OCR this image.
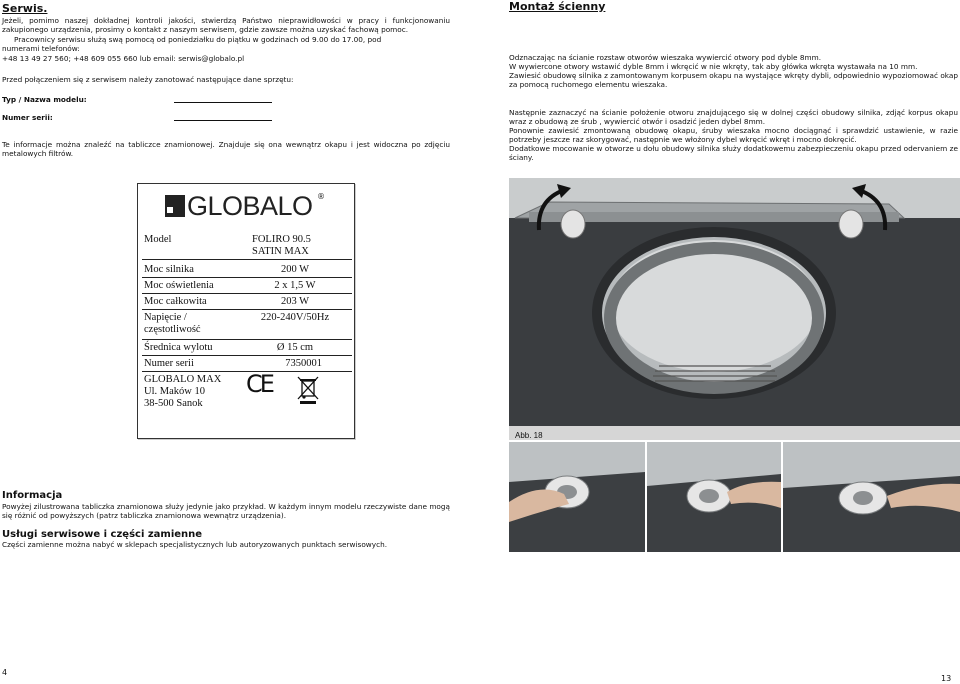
Serwis.
Jeżeli, pomimo naszej dokładnej kontroli jakości, stwierdzą Państwo nieprawidłowości w pracy i funkcjonowaniu zakupionego urządzenia, prosimy o kontakt z naszym serwisem, gdzie zawsze można uzyskać fachową pomoc.
Pracownicy serwisu służą swą pomocą od poniedziałku do piątku w godzinach od 9.00 do 17.00, pod
numerami telefonów:
+48 13 49 27 560; +48 609 055 660 lub email: serwis@globalo.pl
Przed połączeniem się z serwisem należy zanotować następujące dane sprzętu:
Typ / Nazwa modelu:
Numer serii:
Te informacje można znaleźć na tabliczce znamionowej. Znajduje się ona wewnątrz okapu i jest widoczna po zdjęciu metalowych filtrów.
GLOBALO ®
Model	FOLIRO 90.5
SATIN MAX
Moc silnika	200 W
Moc oświetlenia	2 x 1,5 W
Moc całkowita	203 W
Napięcie /
częstotliwość	220-240V/50Hz
Średnica wylotu	Ø 15 cm
Numer serii	7350001
GLOBALO MAX
Ul. Maków 10
38-500 Sanok	CE
Informacja
Powyżej zilustrowana tabliczka znamionowa służy jedynie jako przykład. W każdym innym modelu rzeczywiste dane mogą się różnić od powyższych (patrz tabliczka znamionowa wewnątrz urządzenia).
Usługi serwisowe i części zamienne
Części zamienne można nabyć w sklepach specjalistycznych lub autoryzowanych punktach serwisowych.
4
Montaż ścienny
Odznaczając na ścianie rozstaw otworów wieszaka wywiercić otwory pod dyble 8mm.
W wywiercone otwory wstawić dyble 8mm i wkręcić w nie wkręty, tak aby główka wkręta wystawała na 10 mm.
Zawiesić obudowę silnika z zamontowanym korpusem okapu na wystające wkręty dybli, odpowiednio wypoziomować okap za pomocą ruchomego elementu wieszaka.
Następnie zaznaczyć na ścianie położenie otworu znajdującego się w dolnej części obudowy silnika, zdjąć korpus okapu wraz z obudową ze śrub , wywiercić otwór i osadzić jeden dybel 8mm.
Ponownie zawiesić zmontowaną obudowę okapu, śruby wieszaka mocno dociągnąć i sprawdzić ustawienie, w razie potrzeby jeszcze raz skorygować, następnie we włożony dybel wkręcić wkręt i mocno dokręcić.
Dodatkowe mocowanie w otworze u dołu obudowy silnika służy dodatkowemu zabezpieczeniu okapu przed odervaniem ze ściany.
Abb. 18
13
